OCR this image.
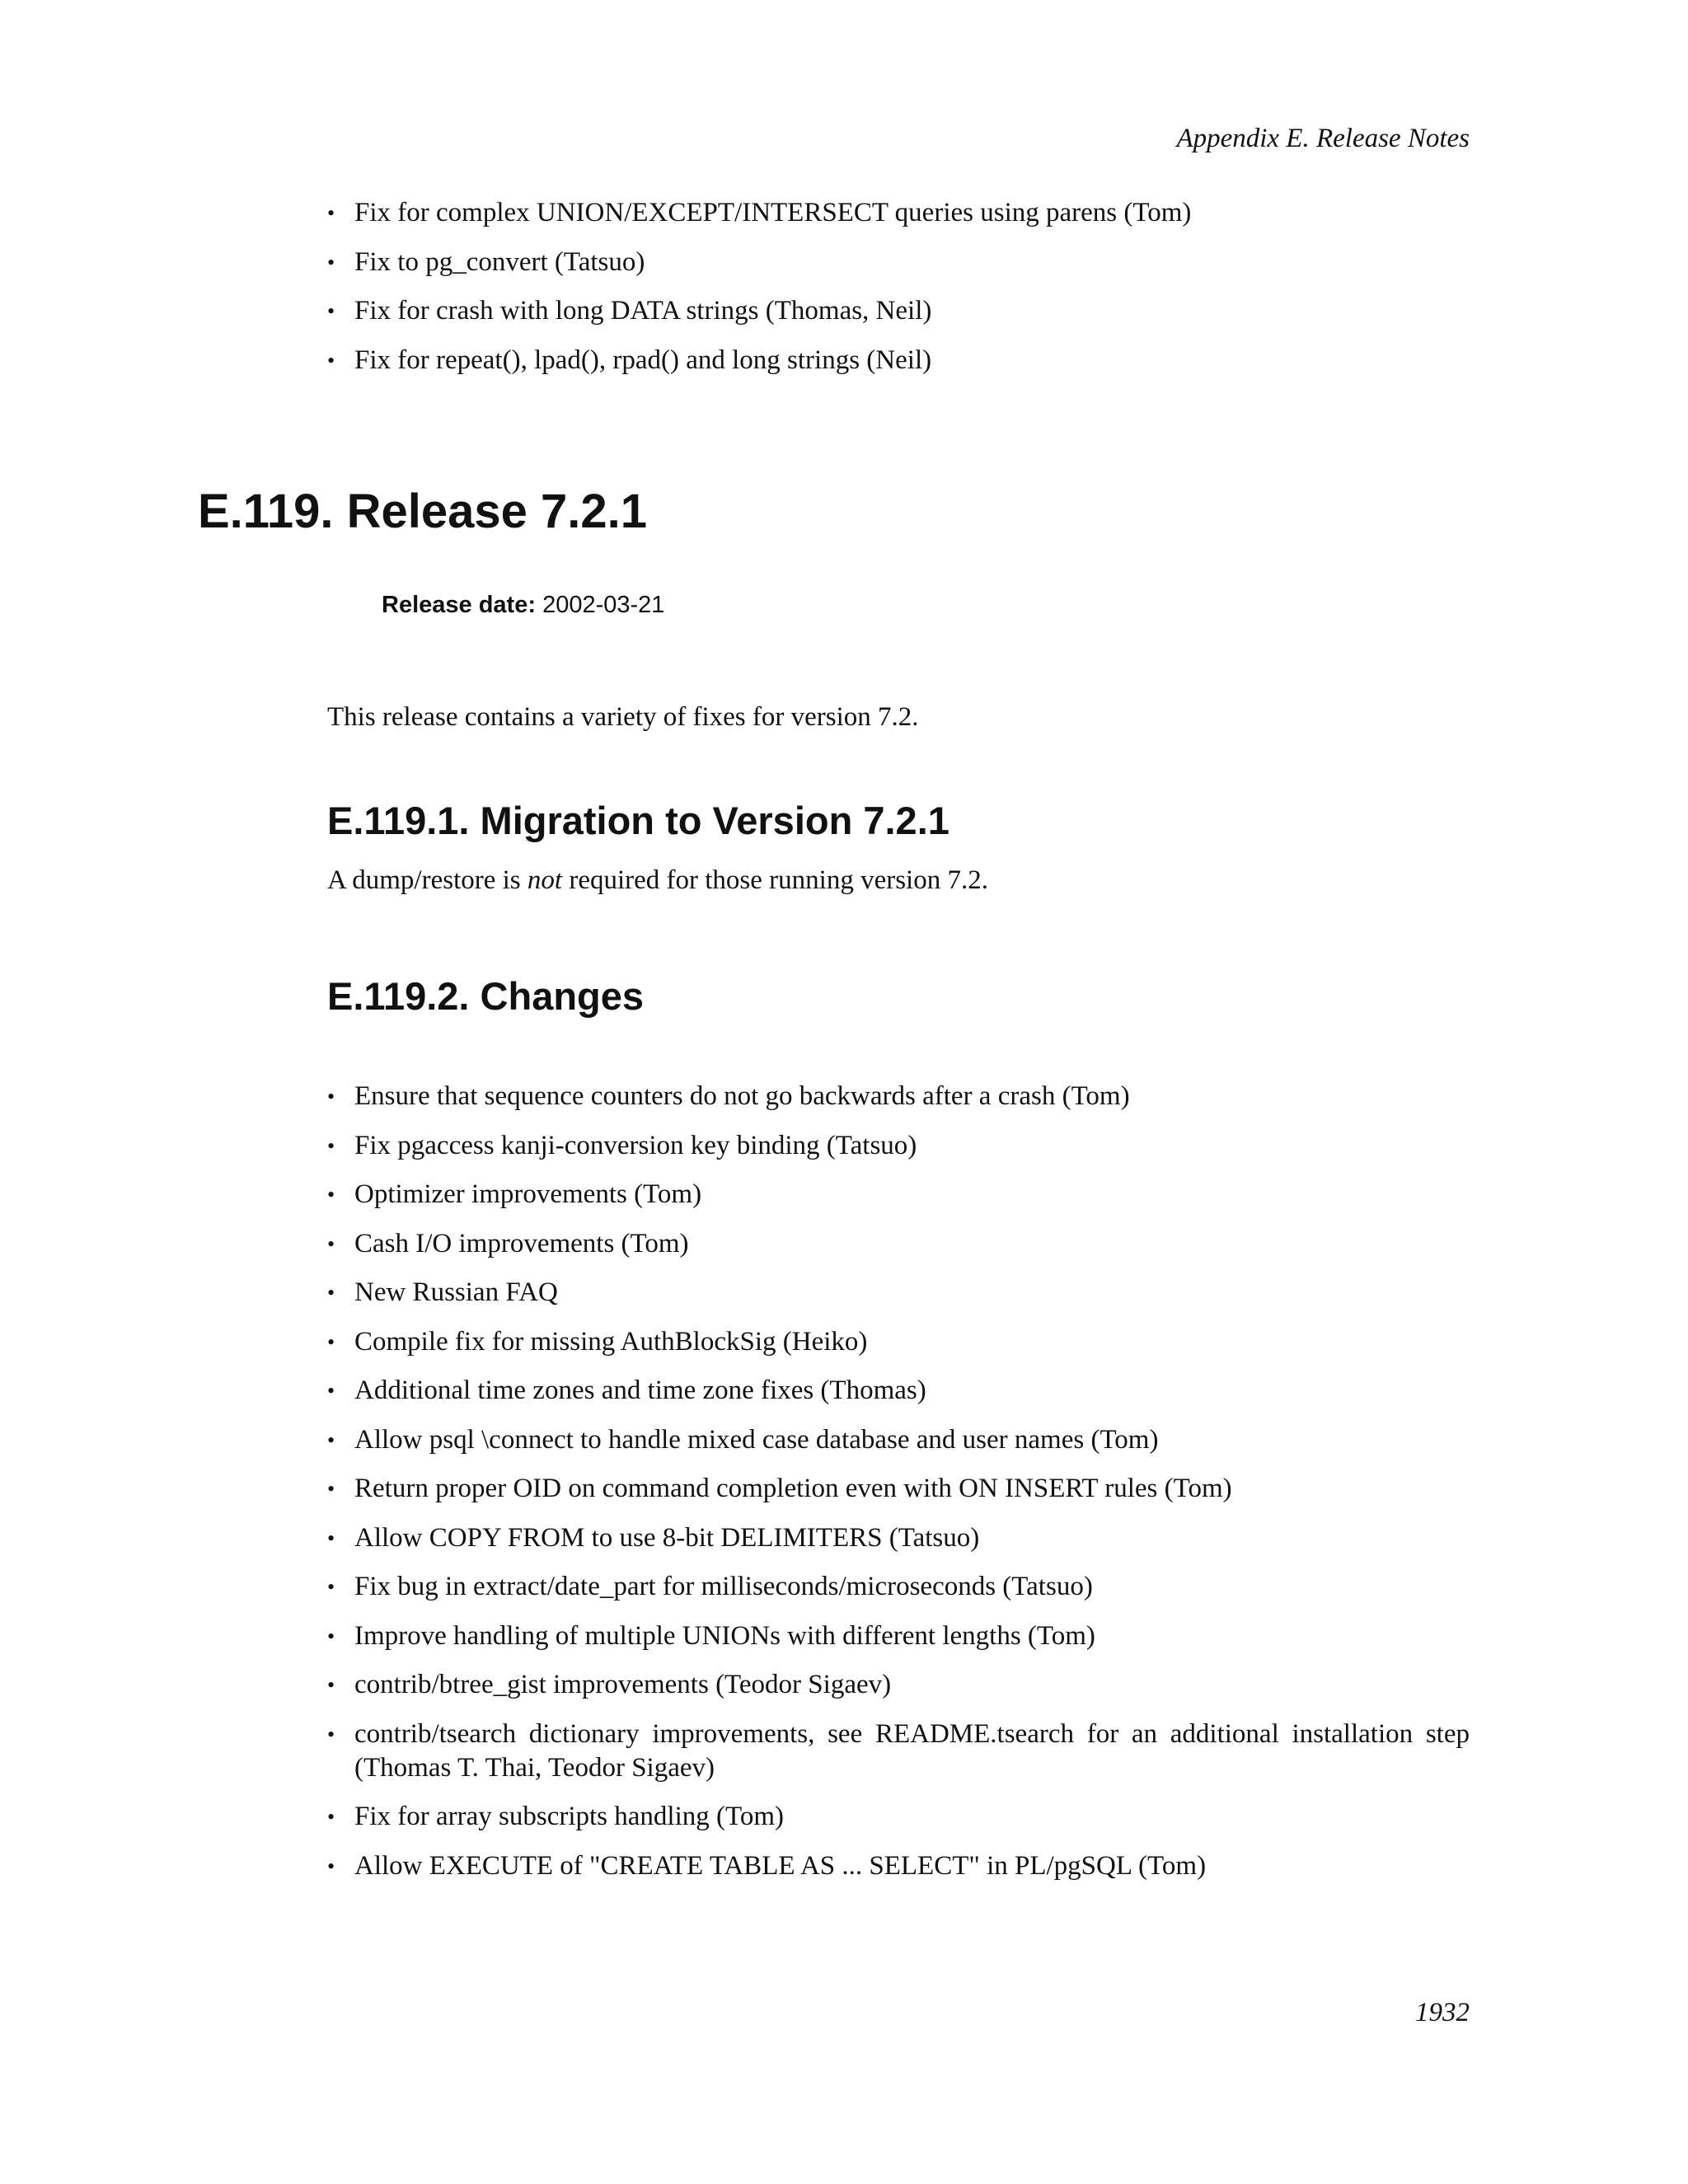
Appendix E. Release Notes
• Fix for complex UNION/EXCEPT/INTERSECT queries using parens (Tom)
• Fix to pg_convert (Tatsuo)
• Fix for crash with long DATA strings (Thomas, Neil)
• Fix for repeat(), lpad(), rpad() and long strings (Neil)
E.119. Release 7.2.1
Release date: 2002-03-21
This release contains a variety of fixes for version 7.2.
E.119.1. Migration to Version 7.2.1
A dump/restore is not required for those running version 7.2.
E.119.2. Changes
• Ensure that sequence counters do not go backwards after a crash (Tom)
• Fix pgaccess kanji-conversion key binding (Tatsuo)
• Optimizer improvements (Tom)
• Cash I/O improvements (Tom)
• New Russian FAQ
• Compile fix for missing AuthBlockSig (Heiko)
• Additional time zones and time zone fixes (Thomas)
• Allow psql \connect to handle mixed case database and user names (Tom)
• Return proper OID on command completion even with ON INSERT rules (Tom)
• Allow COPY FROM to use 8-bit DELIMITERS (Tatsuo)
• Fix bug in extract/date_part for milliseconds/microseconds (Tatsuo)
• Improve handling of multiple UNIONs with different lengths (Tom)
• contrib/btree_gist improvements (Teodor Sigaev)
• contrib/tsearch dictionary improvements, see README.tsearch for an additional installation step (Thomas T. Thai, Teodor Sigaev)
• Fix for array subscripts handling (Tom)
• Allow EXECUTE of "CREATE TABLE AS ... SELECT" in PL/pgSQL (Tom)
1932
